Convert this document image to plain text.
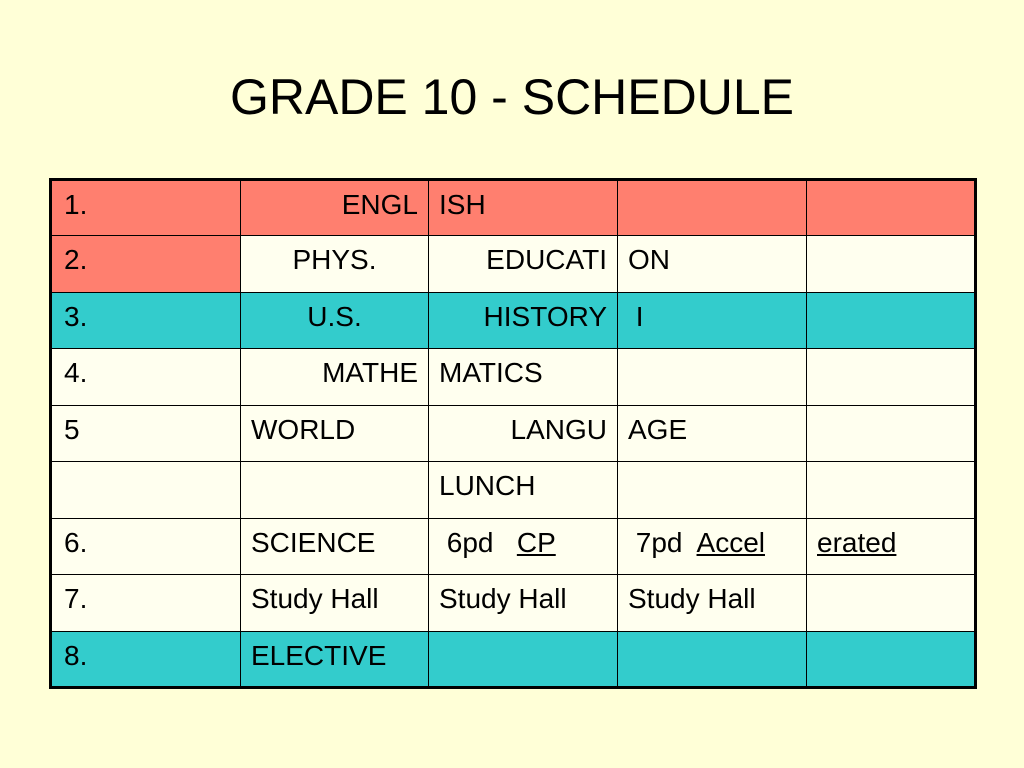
GRADE 10 - SCHEDULE
1.	ENGL	ISH		
2.	PHYS.	EDUCATI	ON	
3.	U.S.	HISTORY	I	
4.	MATHE	MATICS		
5	WORLD	LANGU	AGE	
		LUNCH		
6.	SCIENCE	6pd CP	7pd Accel	erated
7.	Study Hall	Study Hall	Study Hall	
8.	ELECTIVE			
